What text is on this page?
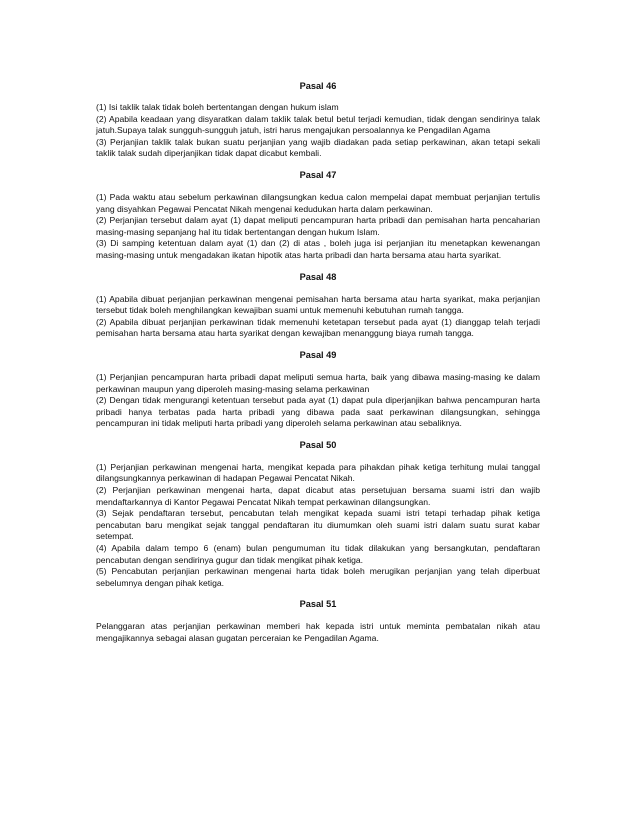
Pasal 46

(1) Isi taklik talak tidak boleh bertentangan dengan hukum islam

(2) Apabila keadaan yang disyaratkan dalam taklik talak betul betul terjadi kemudian, tidak dengan sendirinya talak jatuh.Supaya talak sungguh-sungguh jatuh, istri harus mengajukan persoalannya ke Pengadilan Agama

(3) Perjanjian taklik talak bukan suatu perjanjian yang wajib diadakan pada setiap perkawinan, akan tetapi sekali taklik talak sudah diperjanjikan tidak dapat dicabut kembali.

Pasal 47

(1) Pada waktu atau sebelum perkawinan dilangsungkan kedua calon mempelai dapat membuat perjanjian tertulis yang disyahkan Pegawai Pencatat Nikah mengenai kedudukan harta dalam perkawinan.

(2) Perjanjian tersebut dalam ayat (1) dapat meliputi pencampuran harta pribadi dan pemisahan harta pencaharian masing-masing sepanjang hal itu tidak bertentangan dengan hukum Islam.

(3) Di samping ketentuan dalam ayat (1) dan (2) di atas , boleh juga isi perjanjian itu menetapkan kewenangan masing-masing untuk mengadakan ikatan hipotik atas harta pribadi dan harta bersama atau harta syarikat.

Pasal 48

(1) Apabila dibuat perjanjian perkawinan mengenai pemisahan harta bersama atau harta syarikat, maka perjanjian tersebut tidak boleh menghilangkan kewajiban suami untuk memenuhi kebutuhan rumah tangga.

(2) Apabila dibuat perjanjian perkawinan tidak memenuhi ketetapan tersebut pada ayat (1) dianggap telah terjadi pemisahan harta bersama atau harta syarikat dengan kewajiban menanggung biaya rumah tangga.

Pasal 49

(1) Perjanjian pencampuran harta pribadi dapat meliputi semua harta, baik yang dibawa masing-masing ke dalam perkawinan maupun yang diperoleh masing-masing selama perkawinan

(2) Dengan tidak mengurangi ketentuan tersebut pada ayat (1) dapat pula diperjanjikan bahwa pencampuran harta pribadi hanya terbatas pada harta pribadi yang dibawa pada saat perkawinan dilangsungkan, sehingga pencampuran ini tidak meliputi harta pribadi yang diperoleh selama perkawinan atau sebaliknya.

Pasal 50

(1) Perjanjian perkawinan mengenai harta, mengikat kepada para pihakdan pihak ketiga terhitung mulai tanggal dilangsungkannya perkawinan di hadapan Pegawai Pencatat Nikah.

(2) Perjanjian perkawinan mengenai harta, dapat dicabut atas persetujuan bersama suami istri dan wajib mendaftarkannya di Kantor Pegawai Pencatat Nikah tempat perkawinan dilangsungkan.

(3) Sejak pendaftaran tersebut, pencabutan telah mengikat kepada suami istri tetapi terhadap pihak ketiga pencabutan baru mengikat sejak tanggal pendaftaran itu diumumkan oleh suami istri dalam suatu surat kabar setempat.

(4) Apabila dalam tempo 6 (enam) bulan pengumuman itu tidak dilakukan yang bersangkutan, pendaftaran pencabutan dengan sendirinya gugur dan tidak mengikat pihak ketiga.

(5) Pencabutan perjanjian perkawinan mengenai harta tidak boleh merugikan perjanjian yang telah diperbuat sebelumnya dengan pihak ketiga.

Pasal 51

Pelanggaran atas perjanjian perkawinan memberi hak kepada istri untuk meminta pembatalan nikah atau mengajikannya sebagai alasan gugatan perceraian ke Pengadilan Agama.
